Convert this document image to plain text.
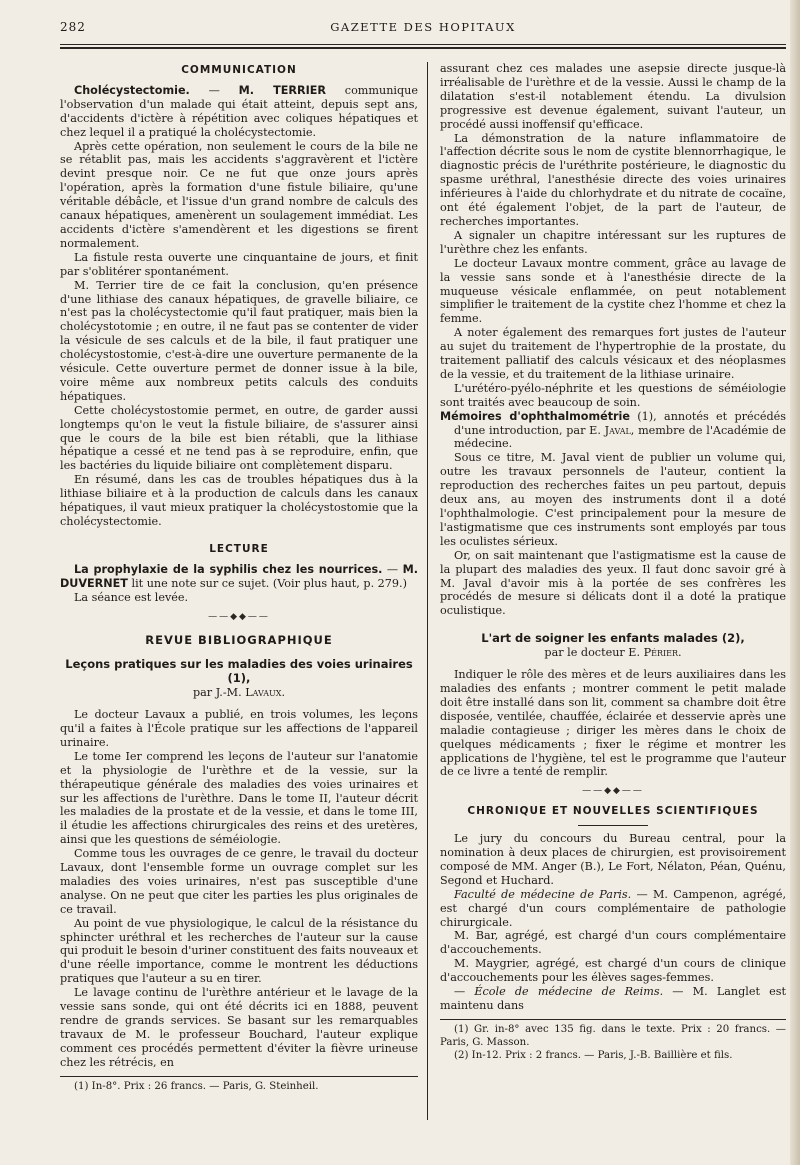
282	GAZETTE DES HOPITAUX
COMMUNICATION

Cholécystectomie. — M. TERRIER communique l'observation d'un malade qui était atteint, depuis sept ans, d'accidents d'ictère à répétition avec coliques hépatiques et chez lequel il a pratiqué la cholécystectomie.

Après cette opération, non seulement le cours de la bile ne se rétablit pas, mais les accidents s'aggravèrent et l'ictère devint presque noir. Ce ne fut que onze jours après l'opération, après la formation d'une fistule biliaire, qu'une véritable débâcle, et l'issue d'un grand nombre de calculs des canaux hépatiques, amenèrent un soulagement immédiat. Les accidents d'ictère s'amendèrent et les digestions se firent normalement.

La fistule resta ouverte une cinquantaine de jours, et finit par s'oblitérer spontanément.

M. Terrier tire de ce fait la conclusion, qu'en présence d'une lithiase des canaux hépatiques, de gravelle biliaire, ce n'est pas la cholécystectomie qu'il faut pratiquer, mais bien la cholécystotomie ; en outre, il ne faut pas se contenter de vider la vésicule de ses calculs et de la bile, il faut pratiquer une cholécystostomie, c'est-à-dire une ouverture permanente de la vésicule. Cette ouverture permet de donner issue à la bile, voire même aux nombreux petits calculs des conduits hépatiques.

Cette cholécystostomie permet, en outre, de garder aussi longtemps qu'on le veut la fistule biliaire, de s'assurer ainsi que le cours de la bile est bien rétabli, que la lithiase hépatique a cessé et ne tend pas à se reproduire, enfin, que les bactéries du liquide biliaire ont complètement disparu.

En résumé, dans les cas de troubles hépatiques dus à la lithiase biliaire et à la production de calculs dans les canaux hépatiques, il vaut mieux pratiquer la cholécystostomie que la cholécystectomie.

LECTURE

La prophylaxie de la syphilis chez les nourrices. — M. DUVERNET lit une note sur ce sujet. (Voir plus haut, p. 279.)

La séance est levée.

——◆◆——
REVUE BIBLIOGRAPHIQUE
Leçons pratiques sur les maladies des voies urinaires (1),
par J.-M. Lavaux.

Le docteur Lavaux a publié, en trois volumes, les leçons qu'il a faites à l'École pratique sur les affections de l'appareil urinaire.

Le tome Ier comprend les leçons de l'auteur sur l'anatomie et la physiologie de l'urèthre et de la vessie, sur la thérapeutique générale des maladies des voies urinaires et sur les affections de l'urèthre. Dans le tome II, l'auteur décrit les maladies de la prostate et de la vessie, et dans le tome III, il étudie les affections chirurgicales des reins et des uretères, ainsi que les questions de séméiologie.

Comme tous les ouvrages de ce genre, le travail du docteur Lavaux, dont l'ensemble forme un ouvrage complet sur les maladies des voies urinaires, n'est pas susceptible d'une analyse. On ne peut que citer les parties les plus originales de ce travail.

Au point de vue physiologique, le calcul de la résistance du sphincter uréthral et les recherches de l'auteur sur la cause qui produit le besoin d'uriner constituent des faits nouveaux et d'une réelle importance, comme le montrent les déductions pratiques que l'auteur a su en tirer.

Le lavage continu de l'urèthre antérieur et le lavage de la vessie sans sonde, qui ont été décrits ici en 1888, peuvent rendre de grands services. Se basant sur les remarquables travaux de M. le professeur Bouchard, l'auteur explique comment ces procédés permettent d'éviter la fièvre urineuse chez les rétrécis, en

(1) In-8°. Prix : 26 francs. — Paris, G. Steinheil.

assurant chez ces malades une asepsie directe jusque-là irréalisable de l'urèthre et de la vessie. Aussi le champ de la dilatation s'est-il notablement étendu. La divulsion progressive est devenue également, suivant l'auteur, un procédé aussi inoffensif qu'efficace.

La démonstration de la nature inflammatoire de l'affection décrite sous le nom de cystite blennorrhagique, le diagnostic précis de l'uréthrite postérieure, le diagnostic du spasme uréthral, l'anesthésie directe des voies urinaires inférieures à l'aide du chlorhydrate et du nitrate de cocaïne, ont été également l'objet, de la part de l'auteur, de recherches importantes.

A signaler un chapitre intéressant sur les ruptures de l'urèthre chez les enfants.

Le docteur Lavaux montre comment, grâce au lavage de la vessie sans sonde et à l'anesthésie directe de la muqueuse vésicale enflammée, on peut notablement simplifier le traitement de la cystite chez l'homme et chez la femme.

A noter également des remarques fort justes de l'auteur au sujet du traitement de l'hypertrophie de la prostate, du traitement palliatif des calculs vésicaux et des néoplasmes de la vessie, et du traitement de la lithiase urinaire.

L'urétéro-pyélo-néphrite et les questions de séméiologie sont traités avec beaucoup de soin.

Mémoires d'ophthalmométrie (1), annotés et précédés d'une introduction, par E. Javal, membre de l'Académie de médecine.

Sous ce titre, M. Javal vient de publier un volume qui, outre les travaux personnels de l'auteur, contient la reproduction des recherches faites un peu partout, depuis deux ans, au moyen des instruments dont il a doté l'ophthalmologie. C'est principalement pour la mesure de l'astigmatisme que ces instruments sont employés par tous les oculistes sérieux.

Or, on sait maintenant que l'astigmatisme est la cause de la plupart des maladies des yeux. Il faut donc savoir gré à M. Javal d'avoir mis à la portée de ses confrères les procédés de mesure si délicats dont il a doté la pratique oculistique.

L'art de soigner les enfants malades (2),
par le docteur E. Périer.

Indiquer le rôle des mères et de leurs auxiliaires dans les maladies des enfants ; montrer comment le petit malade doit être installé dans son lit, comment sa chambre doit être disposée, ventilée, chauffée, éclairée et desservie après une maladie contagieuse ; diriger les mères dans le choix de quelques médicaments ; fixer le régime et montrer les applications de l'hygiène, tel est le programme que l'auteur de ce livre a tenté de remplir.

——◆◆——
CHRONIQUE ET NOUVELLES SCIENTIFIQUES

Le jury du concours du Bureau central, pour la nomination à deux places de chirurgien, est provisoirement composé de MM. Anger (B.), Le Fort, Nélaton, Péan, Quénu, Segond et Huchard.

Faculté de médecine de Paris. — M. Campenon, agrégé, est chargé d'un cours complémentaire de pathologie chirurgicale.

M. Bar, agrégé, est chargé d'un cours complémentaire d'accouchements.

M. Maygrier, agrégé, est chargé d'un cours de clinique d'accouchements pour les élèves sages-femmes.

— École de médecine de Reims. — M. Langlet est maintenu dans

(1) Gr. in-8° avec 135 fig. dans le texte. Prix : 20 francs. — Paris, G. Masson.

(2) In-12. Prix : 2 francs. — Paris, J.-B. Baillière et fils.
